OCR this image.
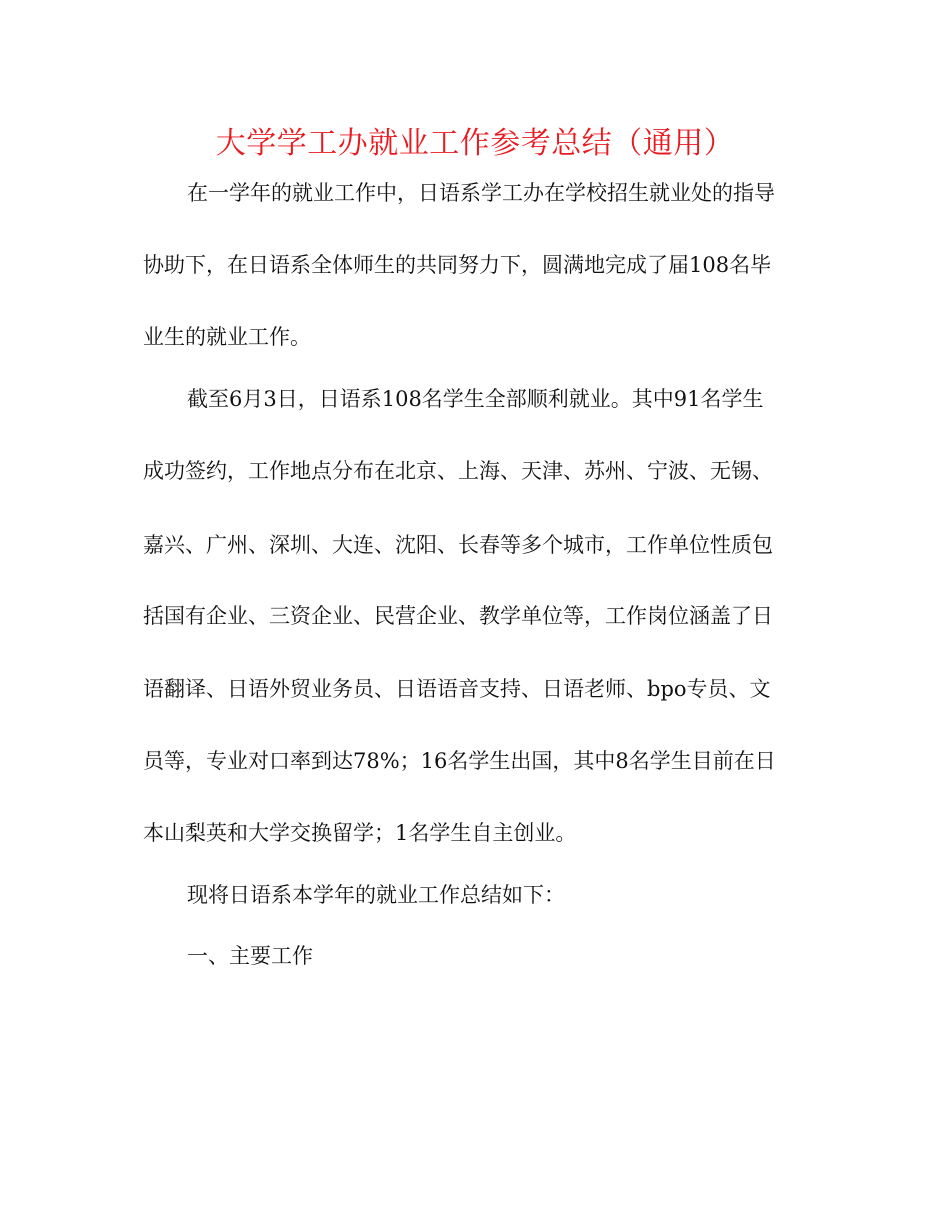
大学学工办就业工作参考总结（通用）
在一学年的就业工作中，日语系学工办在学校招生就业处的指导
协助下，在日语系全体师生的共同努力下，圆满地完成了届108名毕
业生的就业工作。
截至6月3日，日语系108名学生全部顺利就业。其中91名学生
成功签约，工作地点分布在北京、上海、天津、苏州、宁波、无锡、
嘉兴、广州、深圳、大连、沈阳、长春等多个城市，工作单位性质包
括国有企业、三资企业、民营企业、教学单位等，工作岗位涵盖了日
语翻译、日语外贸业务员、日语语音支持、日语老师、bpo专员、文
员等，专业对口率到达78%；16名学生出国，其中8名学生目前在日
本山梨英和大学交换留学；1名学生自主创业。
现将日语系本学年的就业工作总结如下：
一、主要工作
